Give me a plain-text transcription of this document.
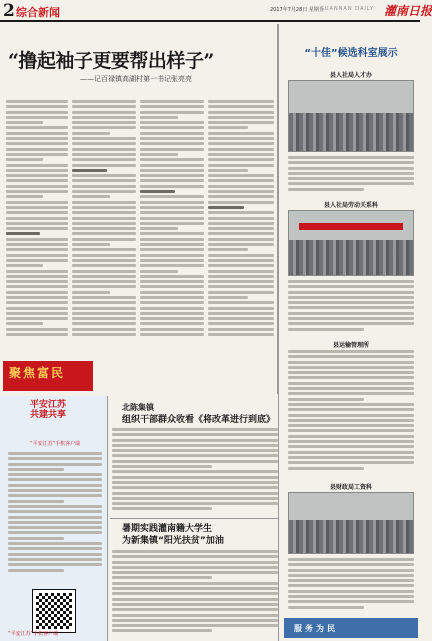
2 综合新闻	2017年7月28日 星期五
GUANNAN DAILY 灌南日报
“撸起袖子更要帮出样子”
——记百禄镇高湖村第一书记张亮亮
聚焦富民
“十佳”候选科室展示
县人社局人才办
县人社局劳动关系科
县运输管理所
县财政局工资科
服务为民
平安江苏
共建共享
“平安江苏”手机客户端
“平安江苏”手机客户端
北陈集镇
组织干部群众收看《将改革进行到底》
暑期实践灌南籍大学生
为新集镇“阳光扶贫”加油
